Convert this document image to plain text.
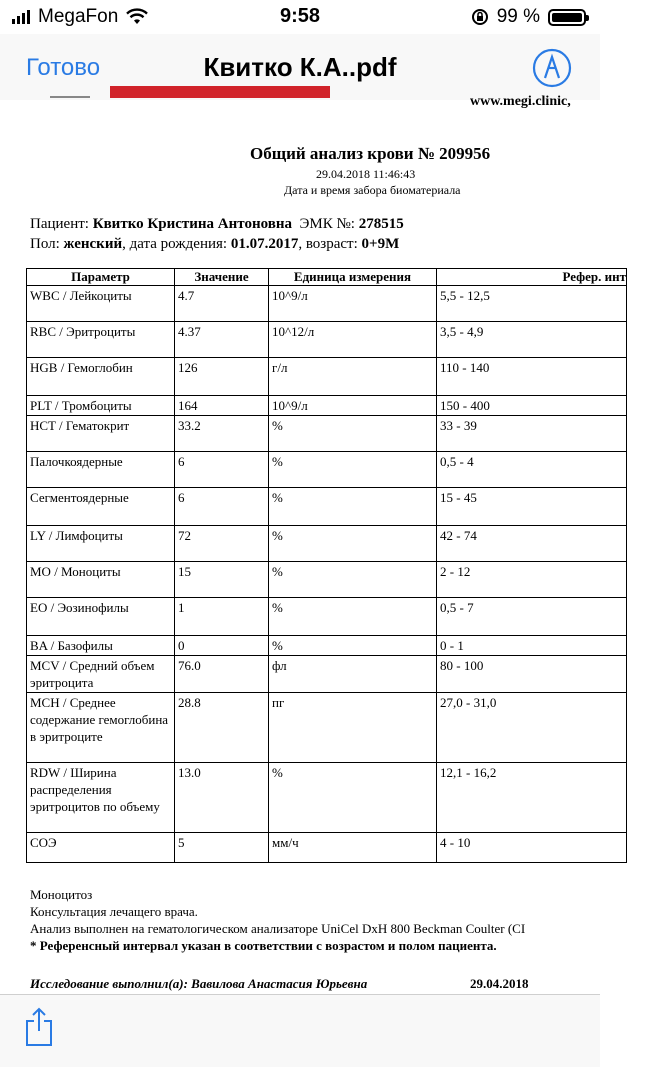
MegaFon	9:58	99 %
Готово	Квитко К.А..pdf
www.megi.clinic,
Общий анализ крови № 209956
29.04.2018 11:46:43
Дата и время забора биоматериала
Пациент: Квитко Кристина Антоновна ЭМК №: 278515
Пол: женский, дата рождения: 01.07.2017, возраст: 0+9М
Параметр	Значение	Единица измерения	Рефер. инт
WBC / Лейкоциты	4.7	10^9/л	5,5 - 12,5
RBC / Эритроциты	4.37	10^12/л	3,5 - 4,9
HGB / Гемоглобин	126	г/л	110 - 140
PLT / Тромбоциты	164	10^9/л	150 - 400
HCT / Гематокрит	33.2	%	33 - 39
Палочкоядерные	6	%	0,5 - 4
Сегментоядерные	6	%	15 - 45
LY / Лимфоциты	72	%	42 - 74
MO / Моноциты	15	%	2 - 12
EO / Эозинофилы	1	%	0,5 - 7
BA / Базофилы	0	%	0 - 1
MCV / Средний объем эритроцита	76.0	фл	80 - 100
MCH / Среднее содержание гемоглобина в эритроците	28.8	пг	27,0 - 31,0
RDW / Ширина распределения эритроцитов по объему	13.0	%	12,1 - 16,2
СОЭ	5	мм/ч	4 - 10
Моноцитоз
Консультация лечащего врача.
Анализ выполнен на гематологическом анализаторе UniCel DxH 800 Beckman Coulter (CI
* Референсный интервал указан в соответствии с возрастом и полом пациента.
Исследование выполнил(а): Вавилова Анастасия Юрьевна	29.04.2018
